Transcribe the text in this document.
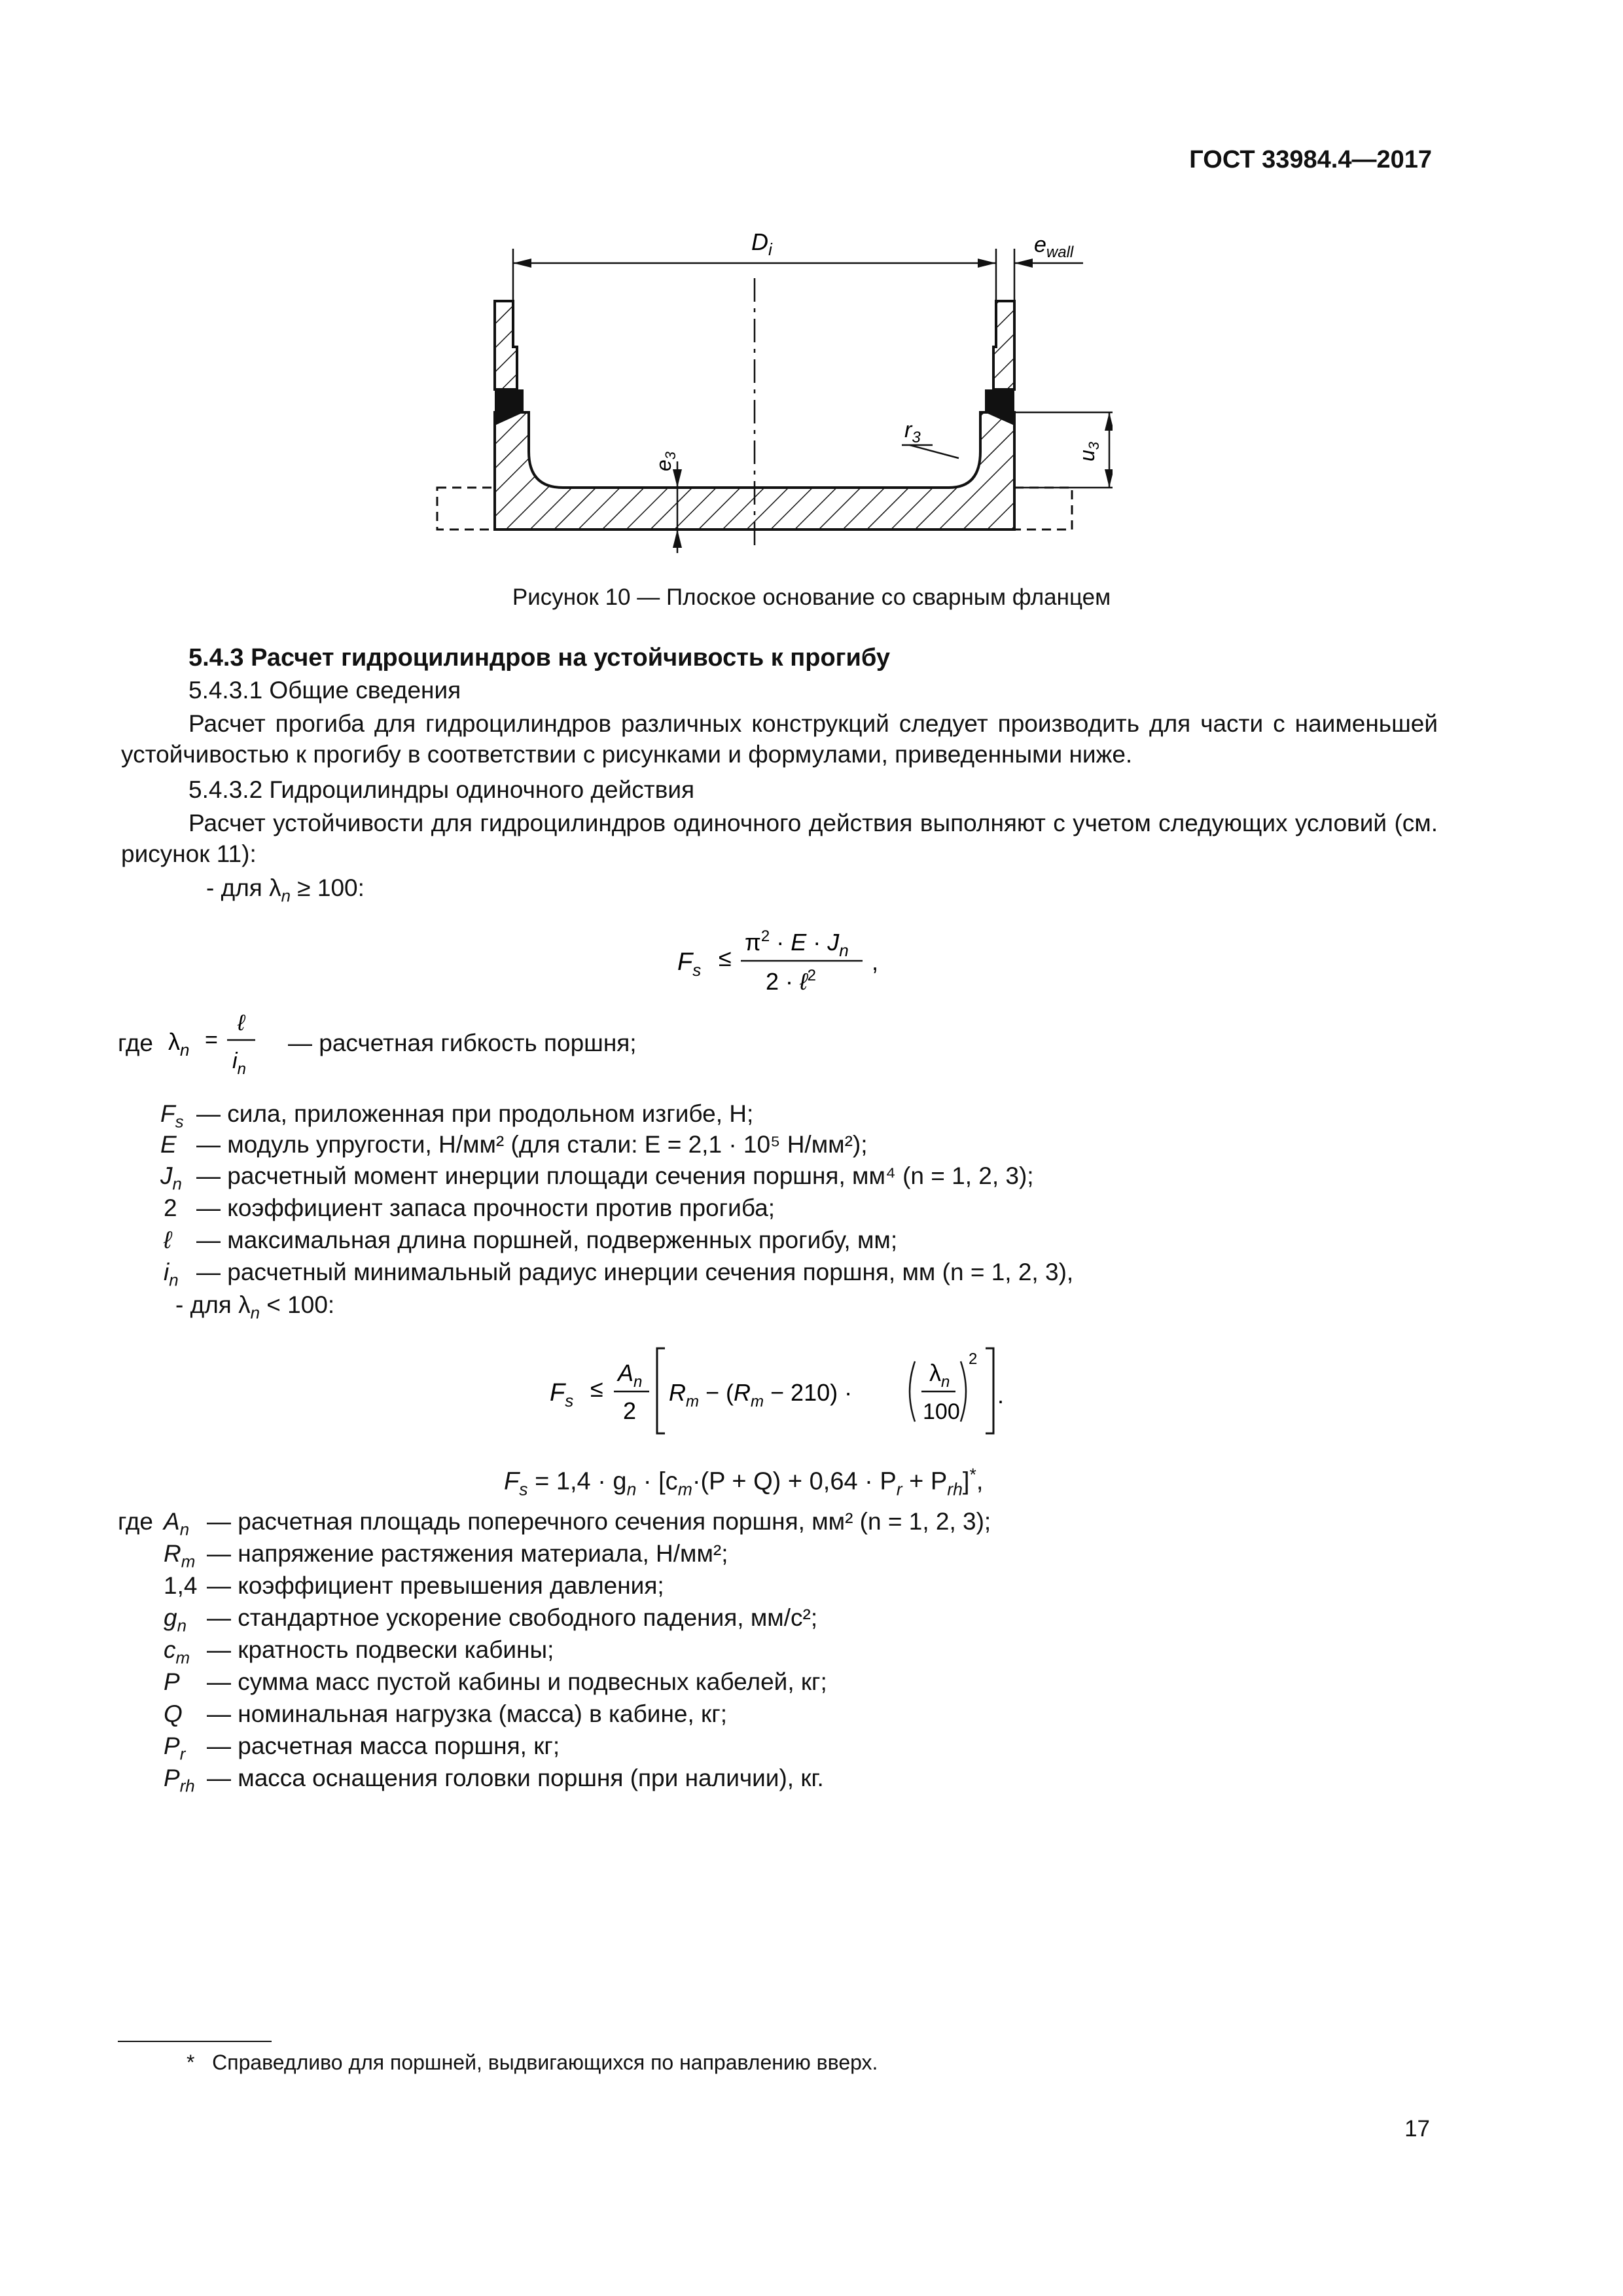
ГОСТ 33984.4—2017
$D_i$	$e_{wall}$
$e_3$
$r_3$
$u_3$
Рисунок 10 — Плоское основание со сварным фланцем
5.4.3 Расчет гидроцилиндров на устойчивость к прогибу
5.4.3.1 Общие сведения
Расчет прогиба для гидроцилиндров различных конструкций следует производить для части с наименьшей устойчивостью к прогибу в соответствии с рисунками и формулами, приведенными ниже.
5.4.3.2 Гидроцилиндры одиночного действия
Расчет устойчивости для гидроцилиндров одиночного действия выполняют с учетом следующих условий (см. рисунок 11):
- для $\lambda_n \ge 100$:
$F_s$ ≤
$\pi^2 \cdot E \cdot J_n$
2 · ℓ$^2$
,
где $\lambda_n$ =
ℓ
$i_n$
— расчетная гибкость поршня;
$F_s$ — сила, приложенная при продольном изгибе, Н;
E — модуль упругости, Н/мм² (для стали: E = 2,1 · 10⁵ Н/мм²);
$J_n$ — расчетный момент инерции площади сечения поршня, мм⁴ (n = 1, 2, 3);
2 — коэффициент запаса прочности против прогиба;
ℓ — максимальная длина поршней, подверженных прогибу, мм;
$i_n$ — расчетный минимальный радиус инерции сечения поршня, мм (n = 1, 2, 3),
- для $\lambda_n < 100$:
$F_s$ ≤
$A_n$
2
$R_m - (R_m - 210)$ ·
$\lambda_n$
100
2
.
$F_s = 1,4 \cdot g_n \cdot [c_m\cdot(P + Q) + 0,64 \cdot P_r + P_{rh}]^*$,
где $A_n$ — расчетная площадь поперечного сечения поршня, мм² (n = 1, 2, 3);
$R_m$ — напряжение растяжения материала, Н/мм²;
1,4 — коэффициент превышения давления;
$g_n$ — стандартное ускорение свободного падения, мм/с²;
$c_m$ — кратность подвески кабины;
P — сумма масс пустой кабины и подвесных кабелей, кг;
Q — номинальная нагрузка (масса) в кабине, кг;
$P_r$ — расчетная масса поршня, кг;
$P_{rh}$ — масса оснащения головки поршня (при наличии), кг.
* Справедливо для поршней, выдвигающихся по направлению вверх.
17
